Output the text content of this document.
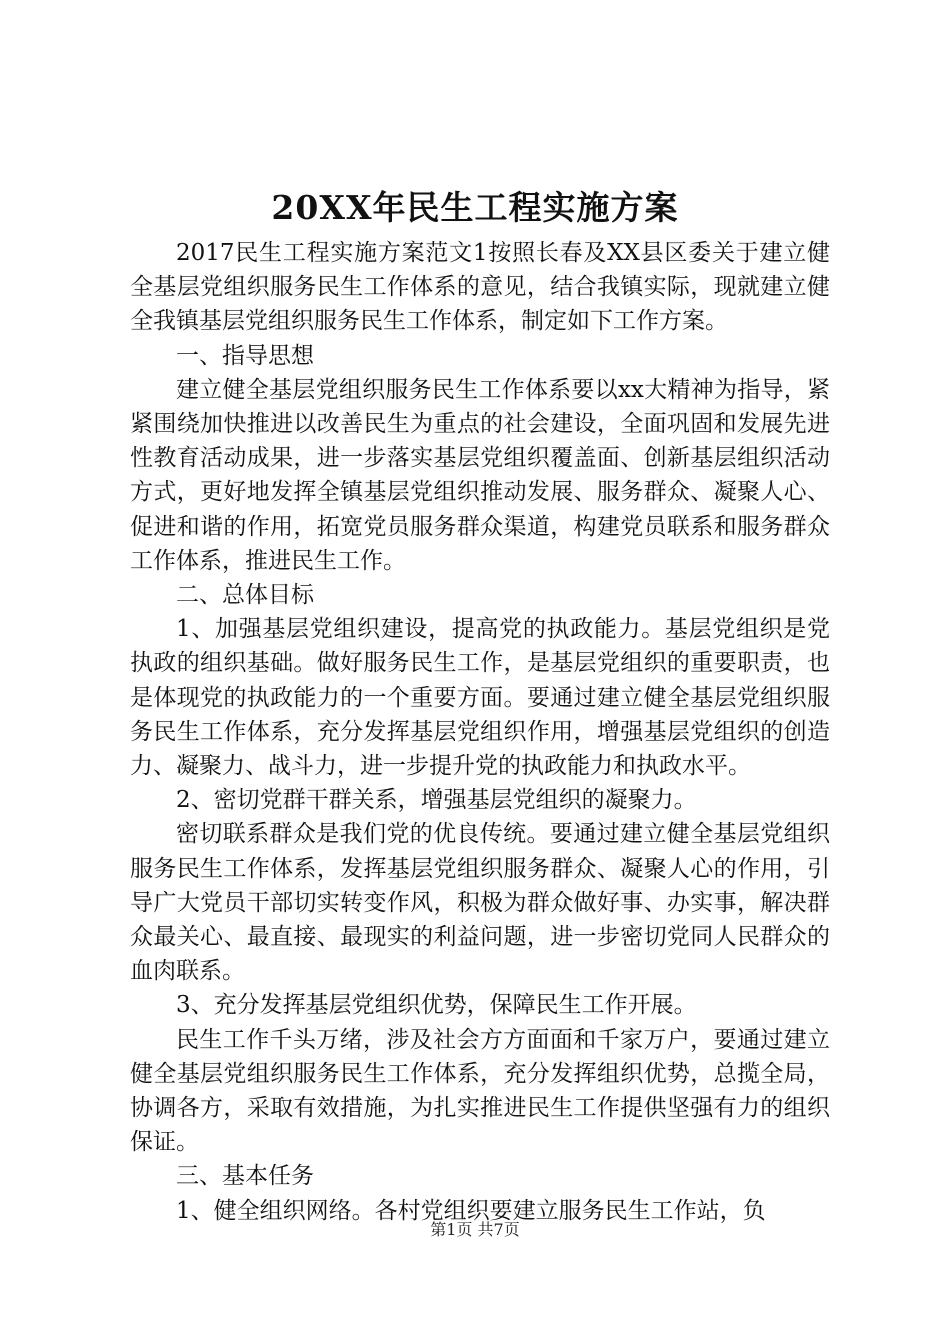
20XX年民生工程实施方案

2017民生工程实施方案范文1按照长春及XX县区委关于建立健全基层党组织服务民生工作体系的意见，结合我镇实际，现就建立健全我镇基层党组织服务民生工作体系，制定如下工作方案。

一、指导思想

建立健全基层党组织服务民生工作体系要以xx大精神为指导，紧紧围绕加快推进以改善民生为重点的社会建设，全面巩固和发展先进性教育活动成果，进一步落实基层党组织覆盖面、创新基层组织活动方式，更好地发挥全镇基层党组织推动发展、服务群众、凝聚人心、促进和谐的作用，拓宽党员服务群众渠道，构建党员联系和服务群众工作体系，推进民生工作。

二、总体目标

1、加强基层党组织建设，提高党的执政能力。基层党组织是党执政的组织基础。做好服务民生工作，是基层党组织的重要职责，也是体现党的执政能力的一个重要方面。要通过建立健全基层党组织服务民生工作体系，充分发挥基层党组织作用，增强基层党组织的创造力、凝聚力、战斗力，进一步提升党的执政能力和执政水平。

2、密切党群干群关系，增强基层党组织的凝聚力。

密切联系群众是我们党的优良传统。要通过建立健全基层党组织服务民生工作体系，发挥基层党组织服务群众、凝聚人心的作用，引导广大党员干部切实转变作风，积极为群众做好事、办实事，解决群众最关心、最直接、最现实的利益问题，进一步密切党同人民群众的血肉联系。

3、充分发挥基层党组织优势，保障民生工作开展。

民生工作千头万绪，涉及社会方方面面和千家万户，要通过建立健全基层党组织服务民生工作体系，充分发挥组织优势，总揽全局，协调各方，采取有效措施，为扎实推进民生工作提供坚强有力的组织保证。

三、基本任务

1、健全组织网络。各村党组织要建立服务民生工作站，负

第1页 共7页
